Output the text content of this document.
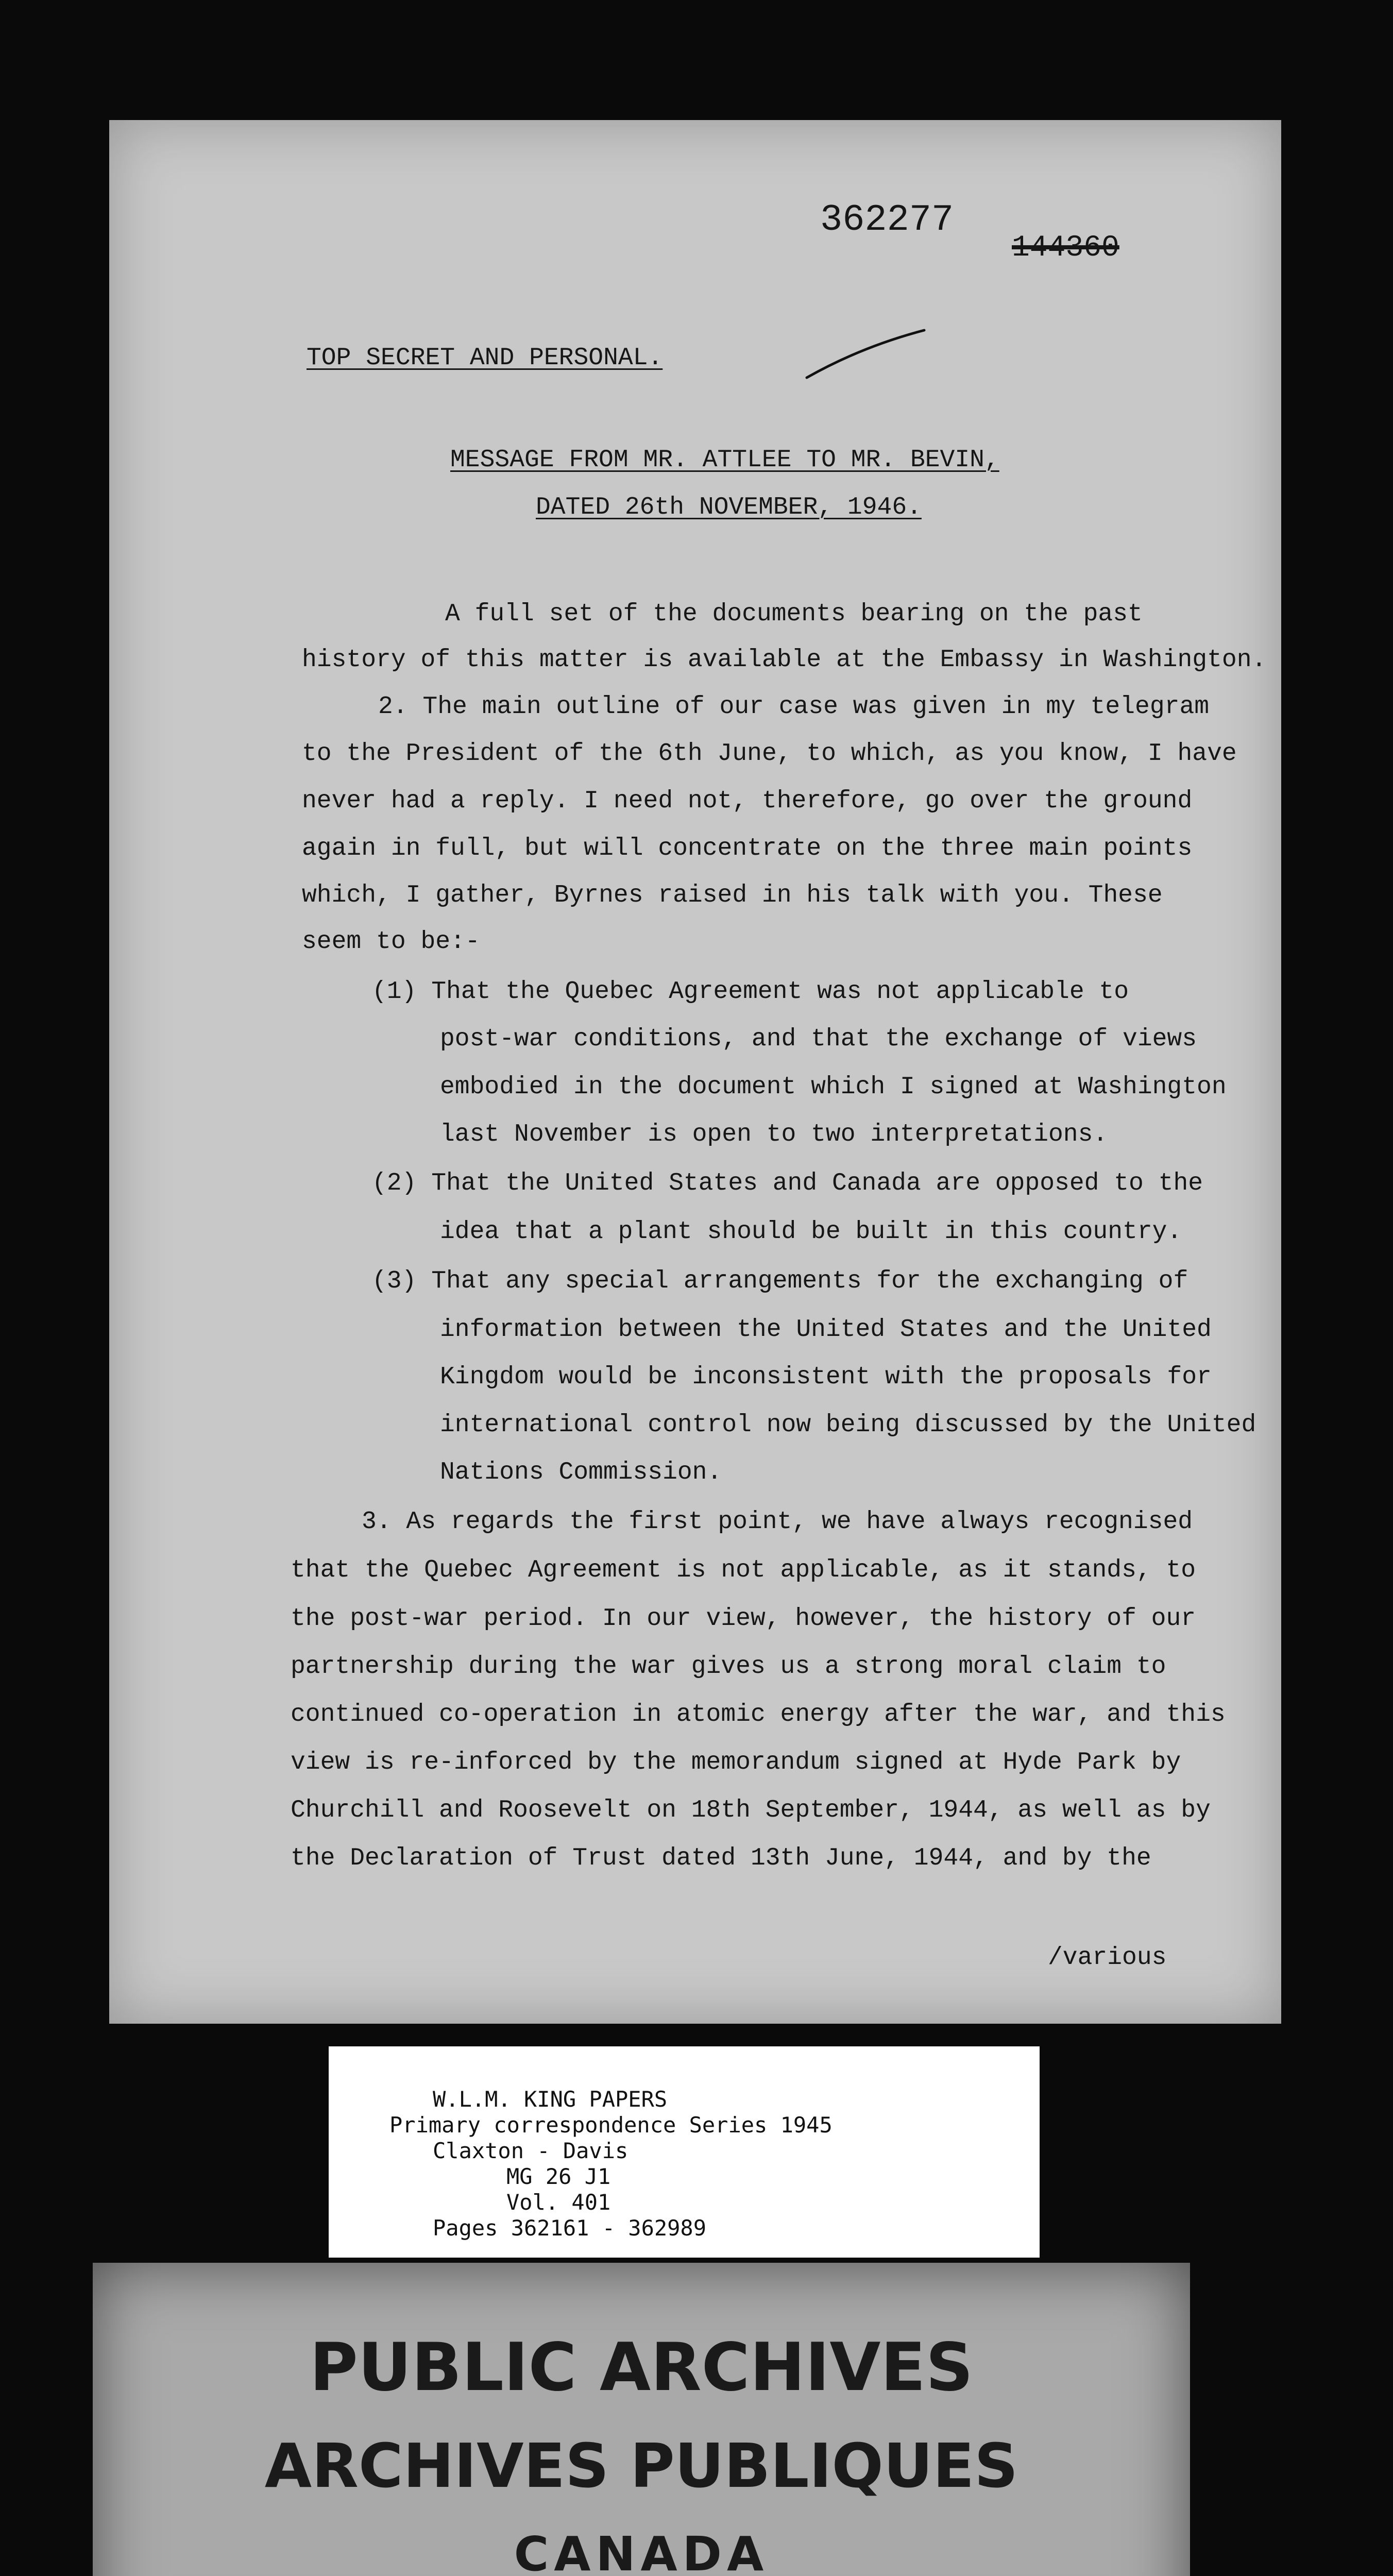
362277
144360
TOP SECRET AND PERSONAL.
MESSAGE FROM MR. ATTLEE TO MR. BEVIN,
DATED 26th NOVEMBER, 1946.
A full set of the documents bearing on the past
history of this matter is available at the Embassy in Washington.
2. The main outline of our case was given in my telegram
to the President of the 6th June, to which, as you know, I have
never had a reply. I need not, therefore, go over the ground
again in full, but will concentrate on the three main points
which, I gather, Byrnes raised in his talk with you. These
seem to be:-
(1) That the Quebec Agreement was not applicable to
post-war conditions, and that the exchange of views
embodied in the document which I signed at Washington
last November is open to two interpretations.
(2) That the United States and Canada are opposed to the
idea that a plant should be built in this country.
(3) That any special arrangements for the exchanging of
information between the United States and the United
Kingdom would be inconsistent with the proposals for
international control now being discussed by the United
Nations Commission.
3. As regards the first point, we have always recognised
that the Quebec Agreement is not applicable, as it stands, to
the post-war period. In our view, however, the history of our
partnership during the war gives us a strong moral claim to
continued co-operation in atomic energy after the war, and this
view is re-inforced by the memorandum signed at Hyde Park by
Churchill and Roosevelt on 18th September, 1944, as well as by
the Declaration of Trust dated 13th June, 1944, and by the
/various
W.L.M. KING PAPERS
Primary correspondence Series 1945
Claxton - Davis
MG 26 J1
Vol. 401
Pages 362161 - 362989
PUBLIC ARCHIVES
ARCHIVES PUBLIQUES
CANADA
